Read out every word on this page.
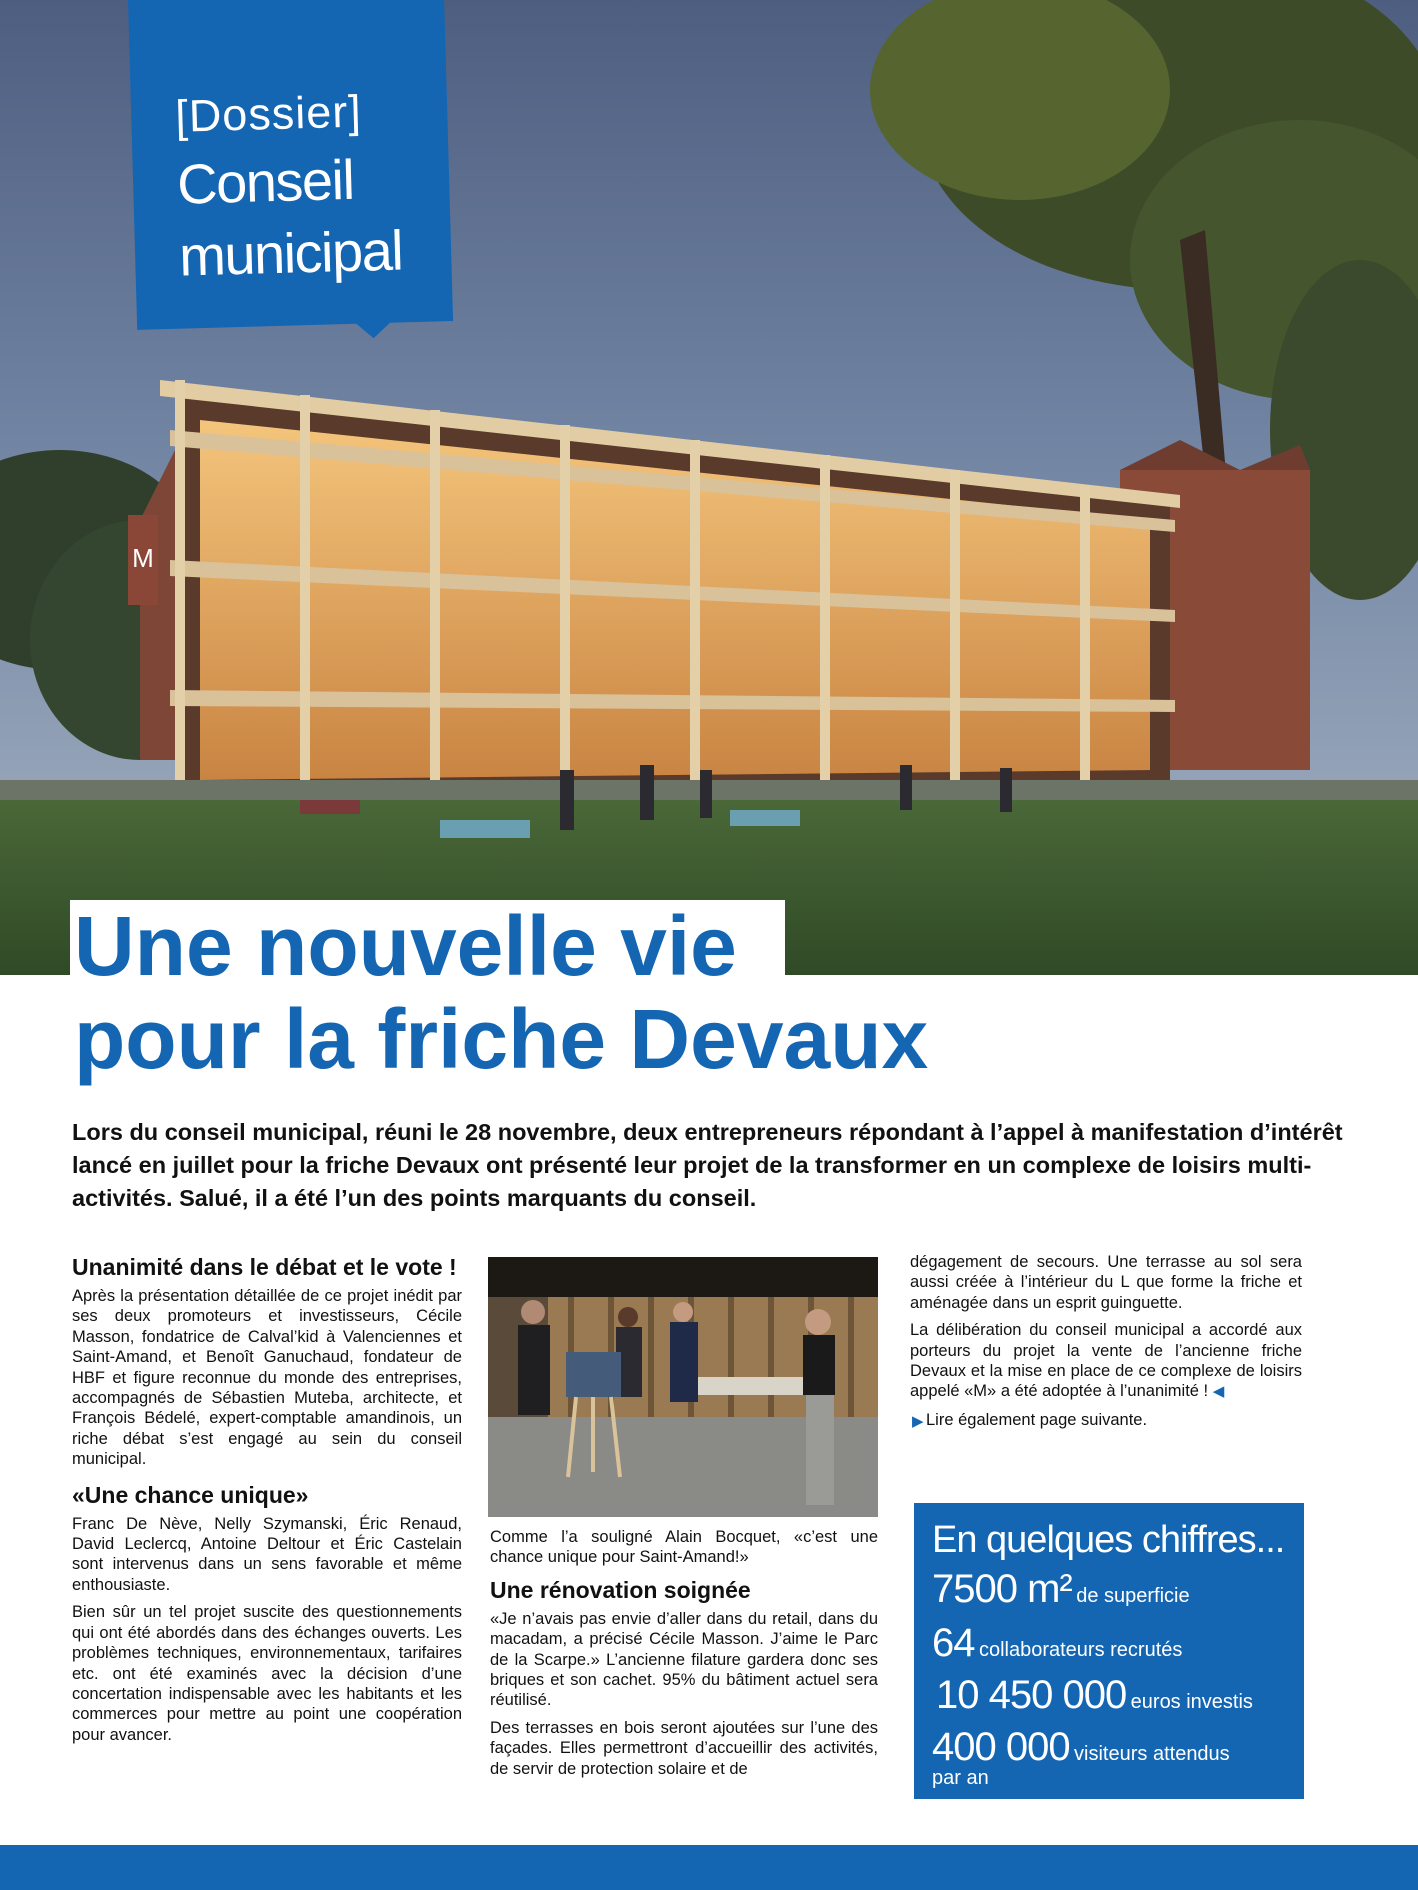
M
[Dossier]
Conseil municipal
Une nouvelle vie
pour la friche Devaux
Lors du conseil municipal, réuni le 28 novembre, deux entrepreneurs répondant à l’appel à manifestation d’intérêt lancé en juillet pour la friche Devaux ont présenté leur projet de la transformer en un complexe de loisirs multi-activités. Salué, il a été l’un des points marquants du conseil.
Unanimité dans le débat et le vote !

Après la présentation détaillée de ce projet inédit par ses deux promoteurs et investisseurs, Cécile Masson, fondatrice de Calval’kid à Valenciennes et Saint-Amand, et Benoît Ganuchaud, fondateur de HBF et figure reconnue du monde des entreprises, accompagnés de Sébastien Muteba, architecte, et François Bédelé, expert-comptable amandinois, un riche débat s’est engagé au sein du conseil municipal.

«Une chance unique»

Franc De Nève, Nelly Szymanski, Éric Renaud, David Leclercq, Antoine Deltour et Éric Castelain sont intervenus dans un sens favorable et même enthousiaste.

Bien sûr un tel projet suscite des questionnements qui ont été abordés dans des échanges ouverts. Les problèmes techniques, environnementaux, tarifaires etc. ont été examinés avec la décision d’une concertation indispensable avec les habitants et les commerces pour mettre au point une coopération pour avancer.

Comme l’a souligné Alain Bocquet, «c’est une chance unique pour Saint-Amand!»

Une rénovation soignée

«Je n’avais pas envie d’aller dans du retail, dans du macadam, a précisé Cécile Masson. J’aime le Parc de la Scarpe.» L’ancienne filature gardera donc ses briques et son cachet. 95% du bâtiment actuel sera réutilisé.

Des terrasses en bois seront ajoutées sur l’une des façades. Elles permettront d’accueillir des activités, de servir de protection solaire et de

dégagement de secours. Une terrasse au sol sera aussi créée à l’intérieur du L que forme la friche et aménagée dans un esprit guinguette.

La délibération du conseil municipal a accordé aux porteurs du projet la vente de l’ancienne friche Devaux et la mise en place de ce complexe de loisirs appelé «M» a été adoptée à l’unanimité ! ◀

▶ Lire également page suivante.
En quelques chiffres...
7500 m² de superficie
64 collaborateurs recrutés
10 450 000 euros investis
400 000 visiteurs attendus
par an
